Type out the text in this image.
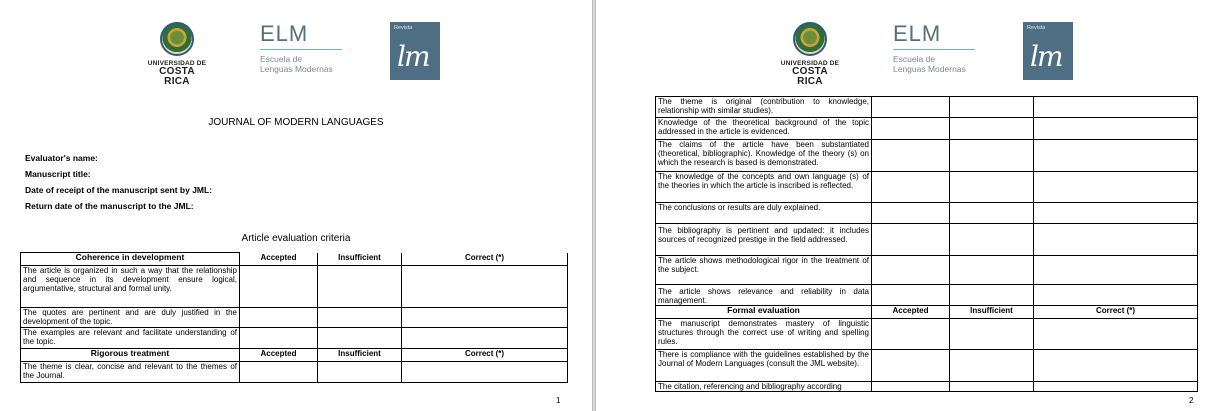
UNIVERSIDAD DE
COSTA RICA
ELM
Escuela de
Lenguas Modernas
Revista
lm
JOURNAL OF MODERN LANGUAGES
Evaluator's name:
Manuscript title:
Date of receipt of the manuscript sent by JML:
Return date of the manuscript to the JML:
Article evaluation criteria
Coherence in development	Accepted	Insufficient	Correct (*)
The article is organized in such a way that the relationship and sequence in its development ensure logical, argumentative, structural and formal unity.			
The quotes are pertinent and are duly justified in the development of the topic.			
The examples are relevant and facilitate understanding of the topic.			
Rigorous treatment	Accepted	Insufficient	Correct (*)
The theme is clear, concise and relevant to the themes of the Journal.			
1
UNIVERSIDAD DE
COSTA RICA
ELM
Escuela de
Lenguas Modernas
Revista
lm
The theme is original (contribution to knowledge, relationship with similar studies).			
Knowledge of the theoretical background of the topic addressed in the article is evidenced.			
The claims of the article have been substantiated (theoretical, bibliographic). Knowledge of the theory (s) on which the research is based is demonstrated.			
The knowledge of the concepts and own language (s) of the theories in which the article is inscribed is reflected.			
The conclusions or results are duly explained.			
The bibliography is pertinent and updated: it includes sources of recognized prestige in the field addressed.			
The article shows methodological rigor in the treatment of the subject.			
The article shows relevance and reliability in data management.			
Formal evaluation	Accepted	Insufficient	Correct (*)
The manuscript demonstrates mastery of linguistic structures through the correct use of writing and spelling rules.			
There is compliance with the guidelines established by the Journal of Modern Languages (consult the JML website).			
The citation, referencing and bibliography according			
2
